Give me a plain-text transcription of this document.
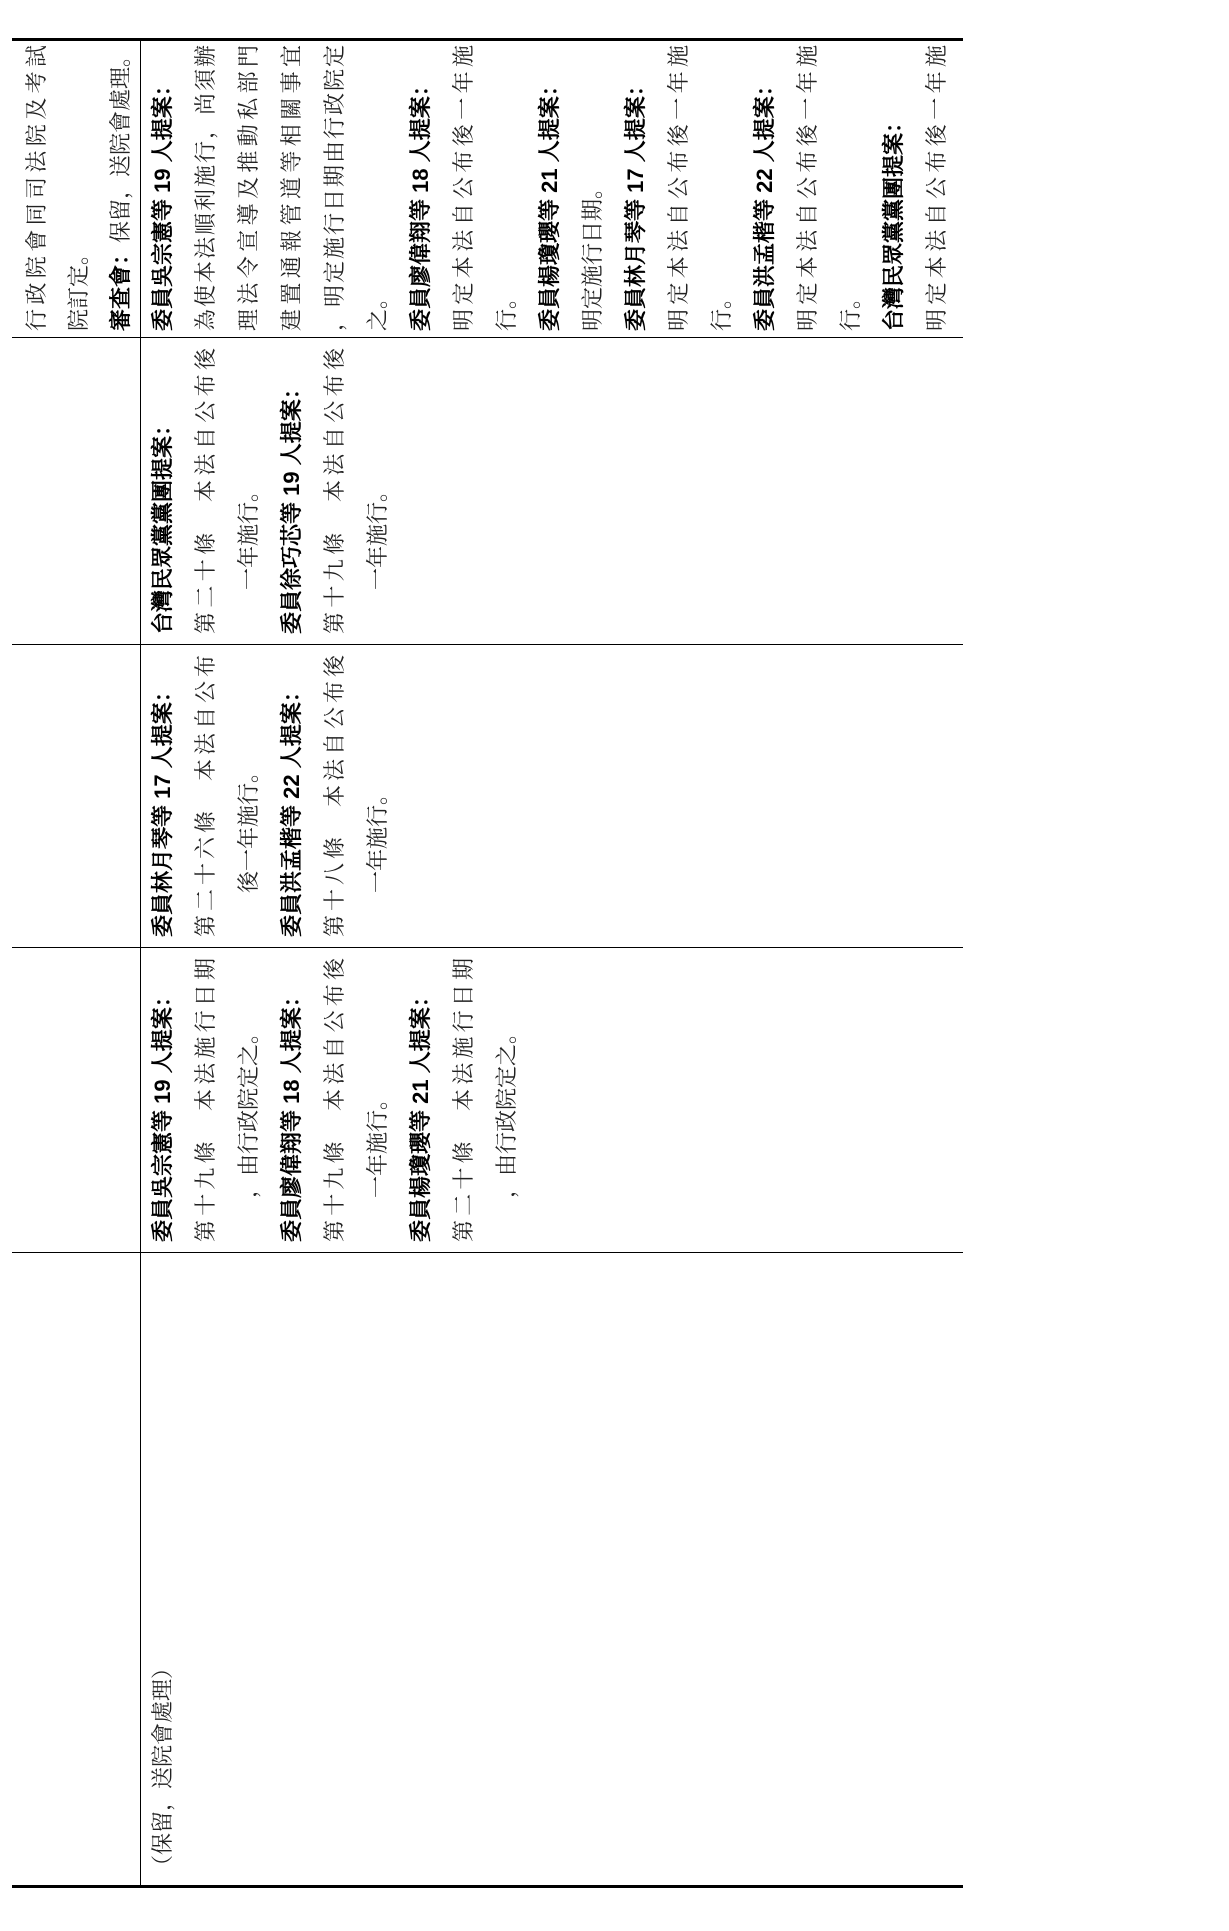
行政院會同司法院及考試 院訂定。 審查會：保留，送院會處理。
（保留，送院會處理）
委員吳宗憲等 19 人提案： 第十九條　本法施行日期 ，由行政院定之。 委員廖偉翔等 18 人提案： 第十九條　本法自公布後 一年施行。 委員楊瓊瓔等 21 人提案： 第二十條　本法施行日期 ，由行政院定之。
委員林月琴等 17 人提案： 第二十六條　本法自公布 後一年施行。 委員洪孟楷等 22 人提案： 第十八條　本法自公布後 一年施行。
台灣民眾黨黨團提案： 第二十條　本法自公布後 一年施行。 委員徐巧芯等 19 人提案： 第十九條　本法自公布後 一年施行。
委員吳宗憲等 19 人提案： 為使本法順利施行，尚須辦 理法令宣導及推動私部門 建置通報管道等相關事宜 ，明定施行日期由行政院定 之。 委員廖偉翔等 18 人提案： 明定本法自公布後一年施 行。 委員楊瓊瓔等 21 人提案： 明定施行日期。 委員林月琴等 17 人提案： 明定本法自公布後一年施 行。 委員洪孟楷等 22 人提案： 明定本法自公布後一年施 行。 台灣民眾黨黨團提案： 明定本法自公布後一年施
